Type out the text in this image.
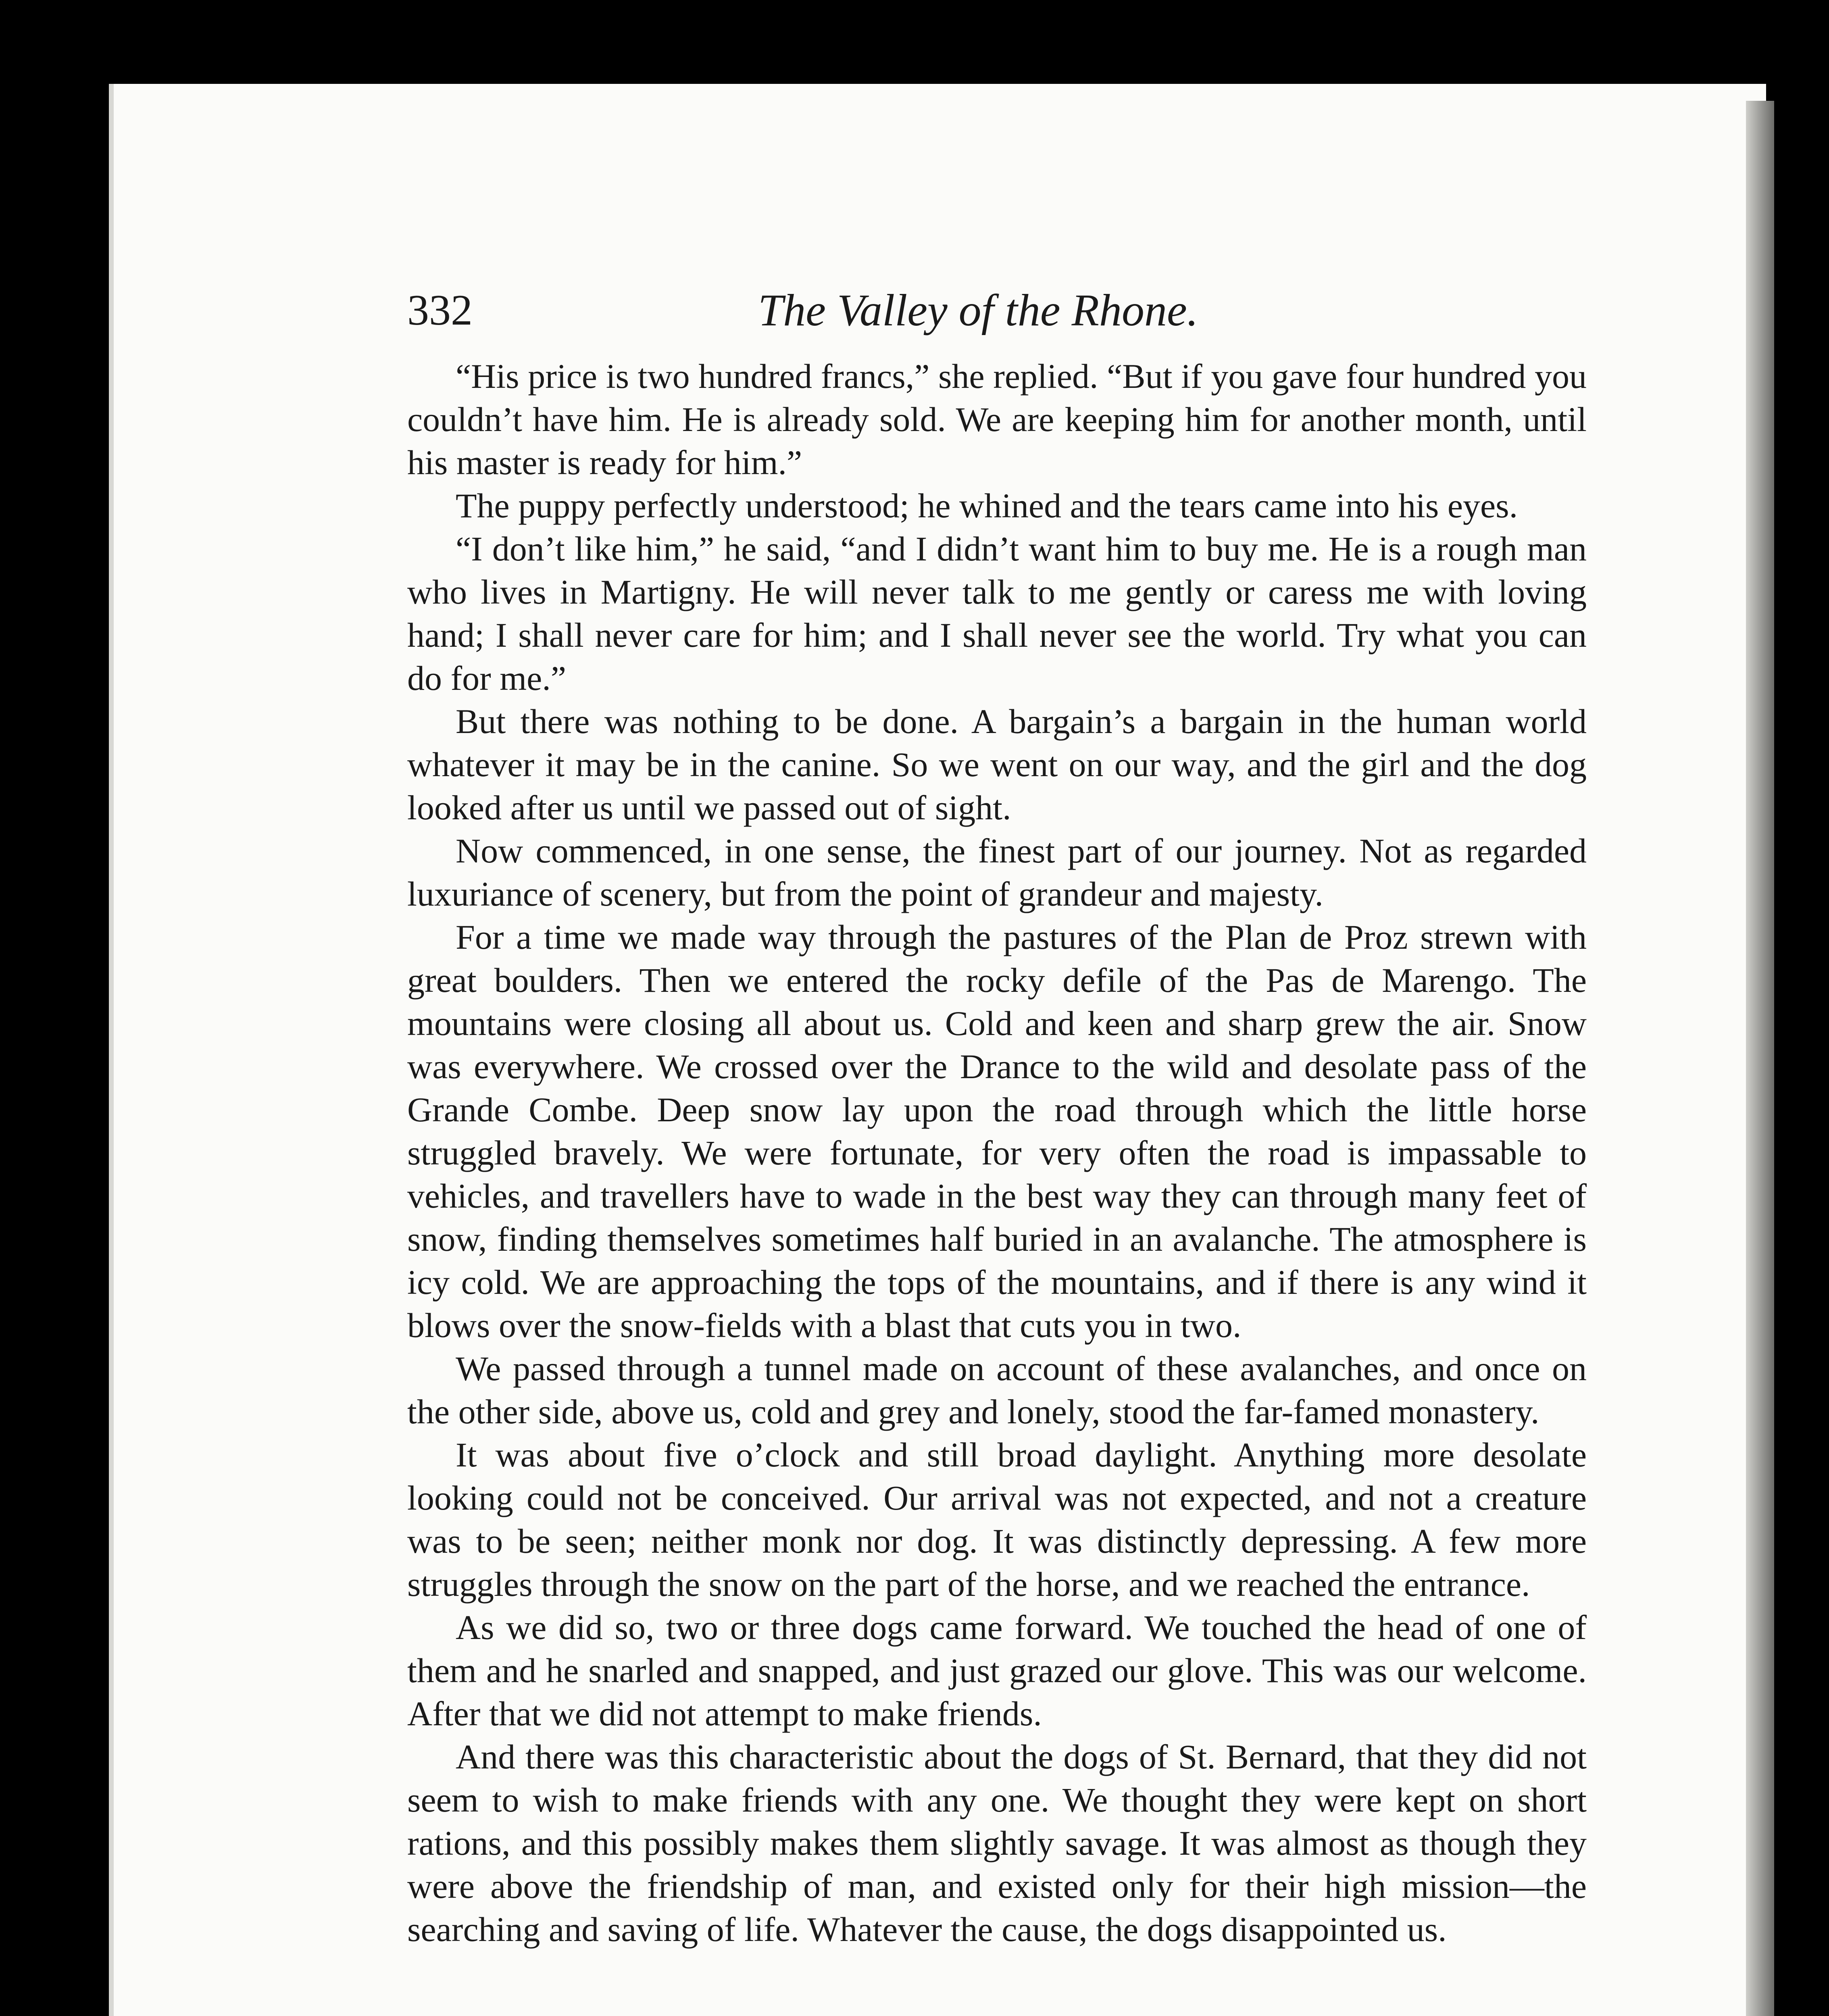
332	The Valley of the Rhone.

“His price is two hundred francs,” she replied. “But if you gave four hundred you couldn’t have him. He is already sold. We are keeping him for another month, until his master is ready for him.”

The puppy perfectly understood; he whined and the tears came into his eyes.

“I don’t like him,” he said, “and I didn’t want him to buy me. He is a rough man who lives in Martigny. He will never talk to me gently or caress me with loving hand; I shall never care for him; and I shall never see the world. Try what you can do for me.”

But there was nothing to be done. A bargain’s a bargain in the human world whatever it may be in the canine. So we went on our way, and the girl and the dog looked after us until we passed out of sight.

Now commenced, in one sense, the finest part of our journey. Not as regarded luxuriance of scenery, but from the point of grandeur and majesty.

For a time we made way through the pastures of the Plan de Proz strewn with great boulders. Then we entered the rocky defile of the Pas de Marengo. The mountains were closing all about us. Cold and keen and sharp grew the air. Snow was everywhere. We crossed over the Drance to the wild and desolate pass of the Grande Combe. Deep snow lay upon the road through which the little horse struggled bravely. We were fortunate, for very often the road is impassable to vehicles, and travellers have to wade in the best way they can through many feet of snow, finding themselves sometimes half buried in an avalanche. The atmosphere is icy cold. We are approaching the tops of the mountains, and if there is any wind it blows over the snow-fields with a blast that cuts you in two.

We passed through a tunnel made on account of these avalanches, and once on the other side, above us, cold and grey and lonely, stood the far-famed monastery.

It was about five o’clock and still broad daylight. Anything more desolate looking could not be conceived. Our arrival was not expected, and not a creature was to be seen; neither monk nor dog. It was distinctly depressing. A few more struggles through the snow on the part of the horse, and we reached the entrance.

As we did so, two or three dogs came forward. We touched the head of one of them and he snarled and snapped, and just grazed our glove. This was our welcome. After that we did not attempt to make friends.

And there was this characteristic about the dogs of St. Bernard, that they did not seem to wish to make friends with any one. We thought they were kept on short rations, and this possibly makes them slightly savage. It was almost as though they were above the friendship of man, and existed only for their high mission—the searching and saving of life. Whatever the cause, the dogs disappointed us.
